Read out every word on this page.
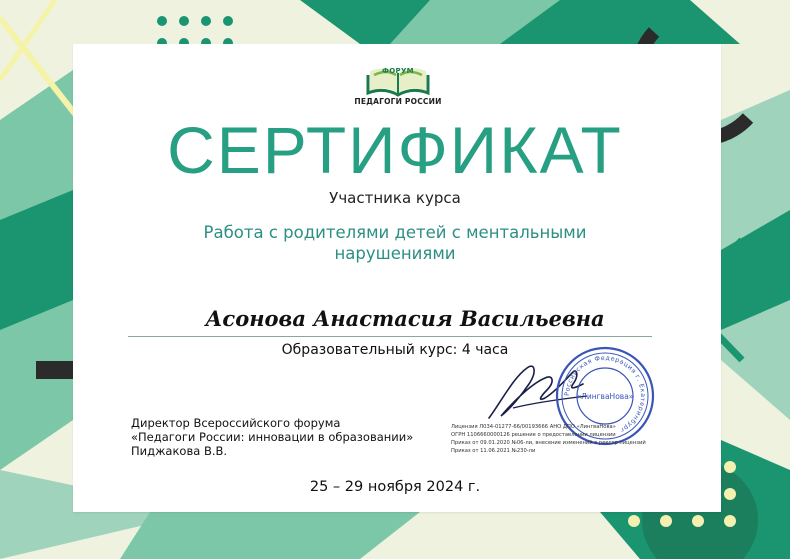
ФОРУМ
ПЕДАГОГИ РОССИИ
СЕРТИФИКАТ
Участника курса
Работа с родителями детей с ментальными
нарушениями
Асонова Анастасия Васильевна
Образовательный курс: 4 часа
Российская Федерация г. Екатеринбург
«ЛингваНова»
Директор Всероссийского форума
«Педагоги России: инновации в образовании»
Пиджакова В.В.
Лицензия Л034-01277-66/00193666 АНО ДПО «ЛингваНова»
ОГРН 1106660000126 решение о предоставлении лицензии
Приказ от 09.01.2020 №06-ли, внесение изменений в реестр лицензий
Приказ от 11.06.2021 №230-ли
25 – 29 ноября 2024 г.
